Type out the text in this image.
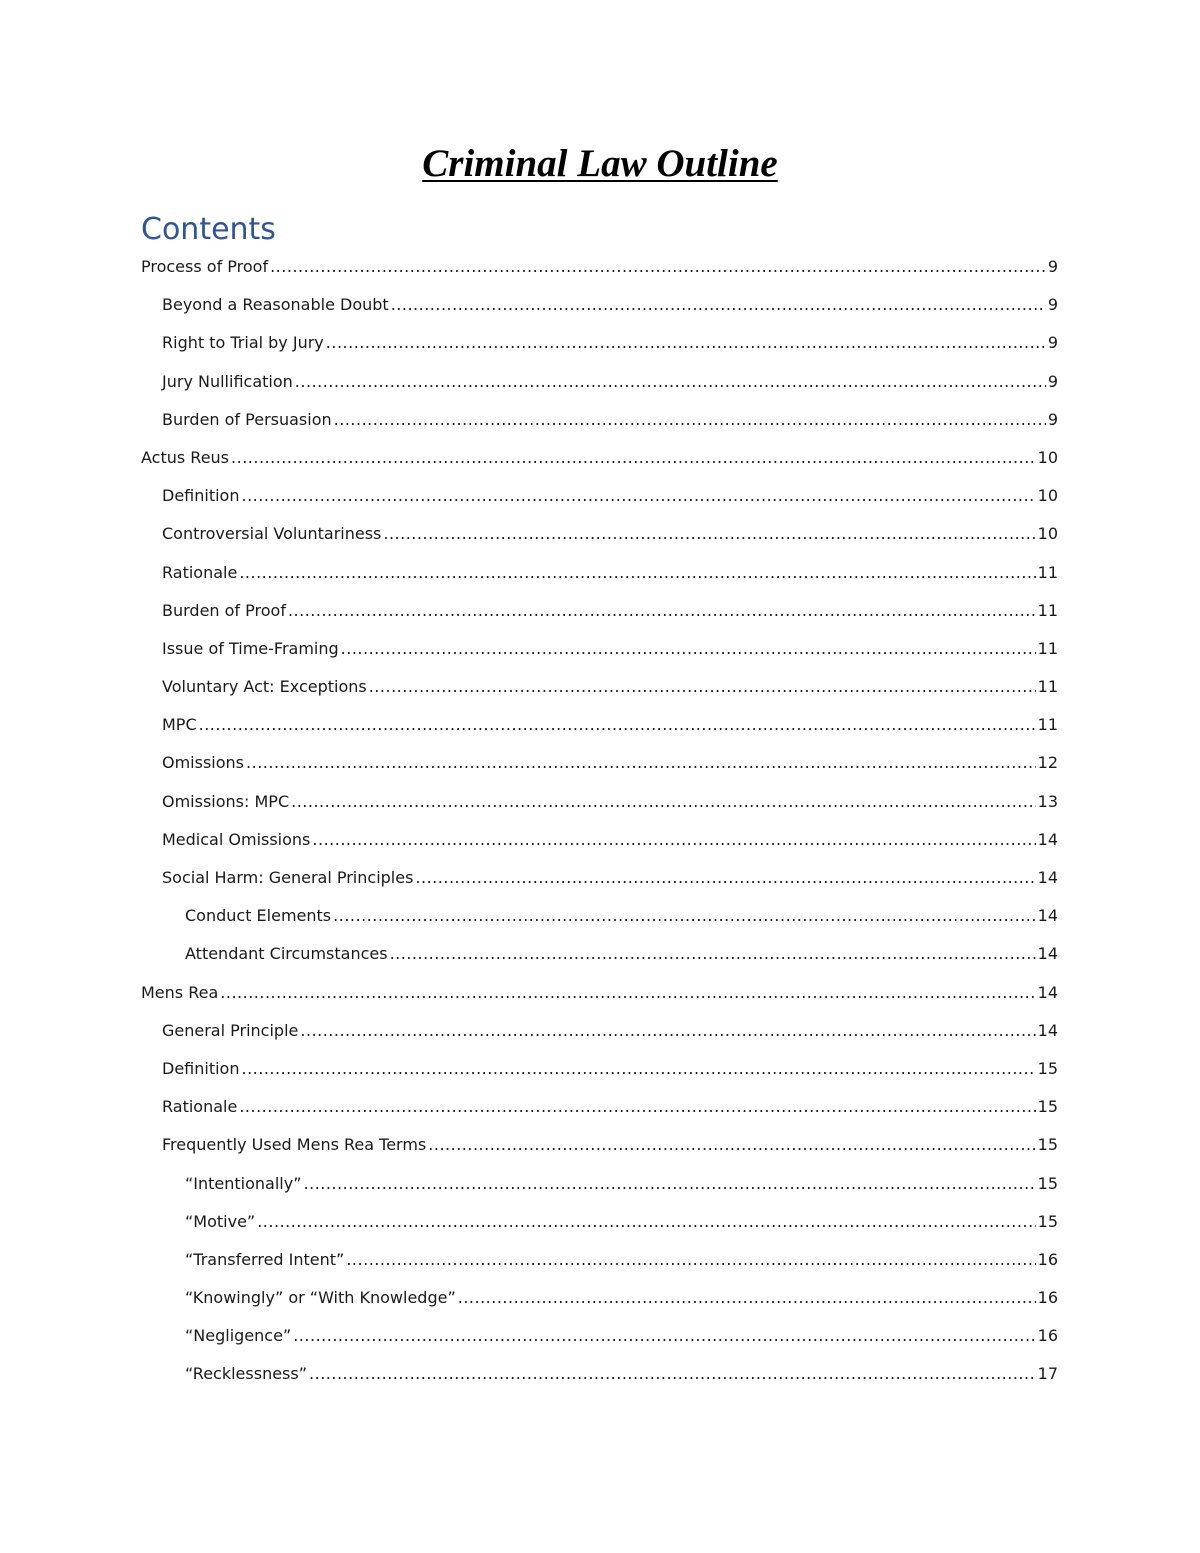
Criminal Law Outline
Contents
Process of Proof .....	9
Beyond a Reasonable Doubt .....	9
Right to Trial by Jury .....	9
Jury Nullification .....	9
Burden of Persuasion .....	9
Actus Reus .....	10
Definition .....	10
Controversial Voluntariness .....	10
Rationale .....	11
Burden of Proof .....	11
Issue of Time-Framing .....	11
Voluntary Act: Exceptions .....	11
MPC .....	11
Omissions .....	12
Omissions: MPC .....	13
Medical Omissions .....	14
Social Harm: General Principles .....	14
Conduct Elements .....	14
Attendant Circumstances .....	14
Mens Rea .....	14
General Principle .....	14
Definition .....	15
Rationale .....	15
Frequently Used Mens Rea Terms .....	15
“Intentionally” .....	15
“Motive” .....	15
“Transferred Intent” .....	16
“Knowingly” or “With Knowledge” .....	16
“Negligence” .....	16
“Recklessness” .....	17
